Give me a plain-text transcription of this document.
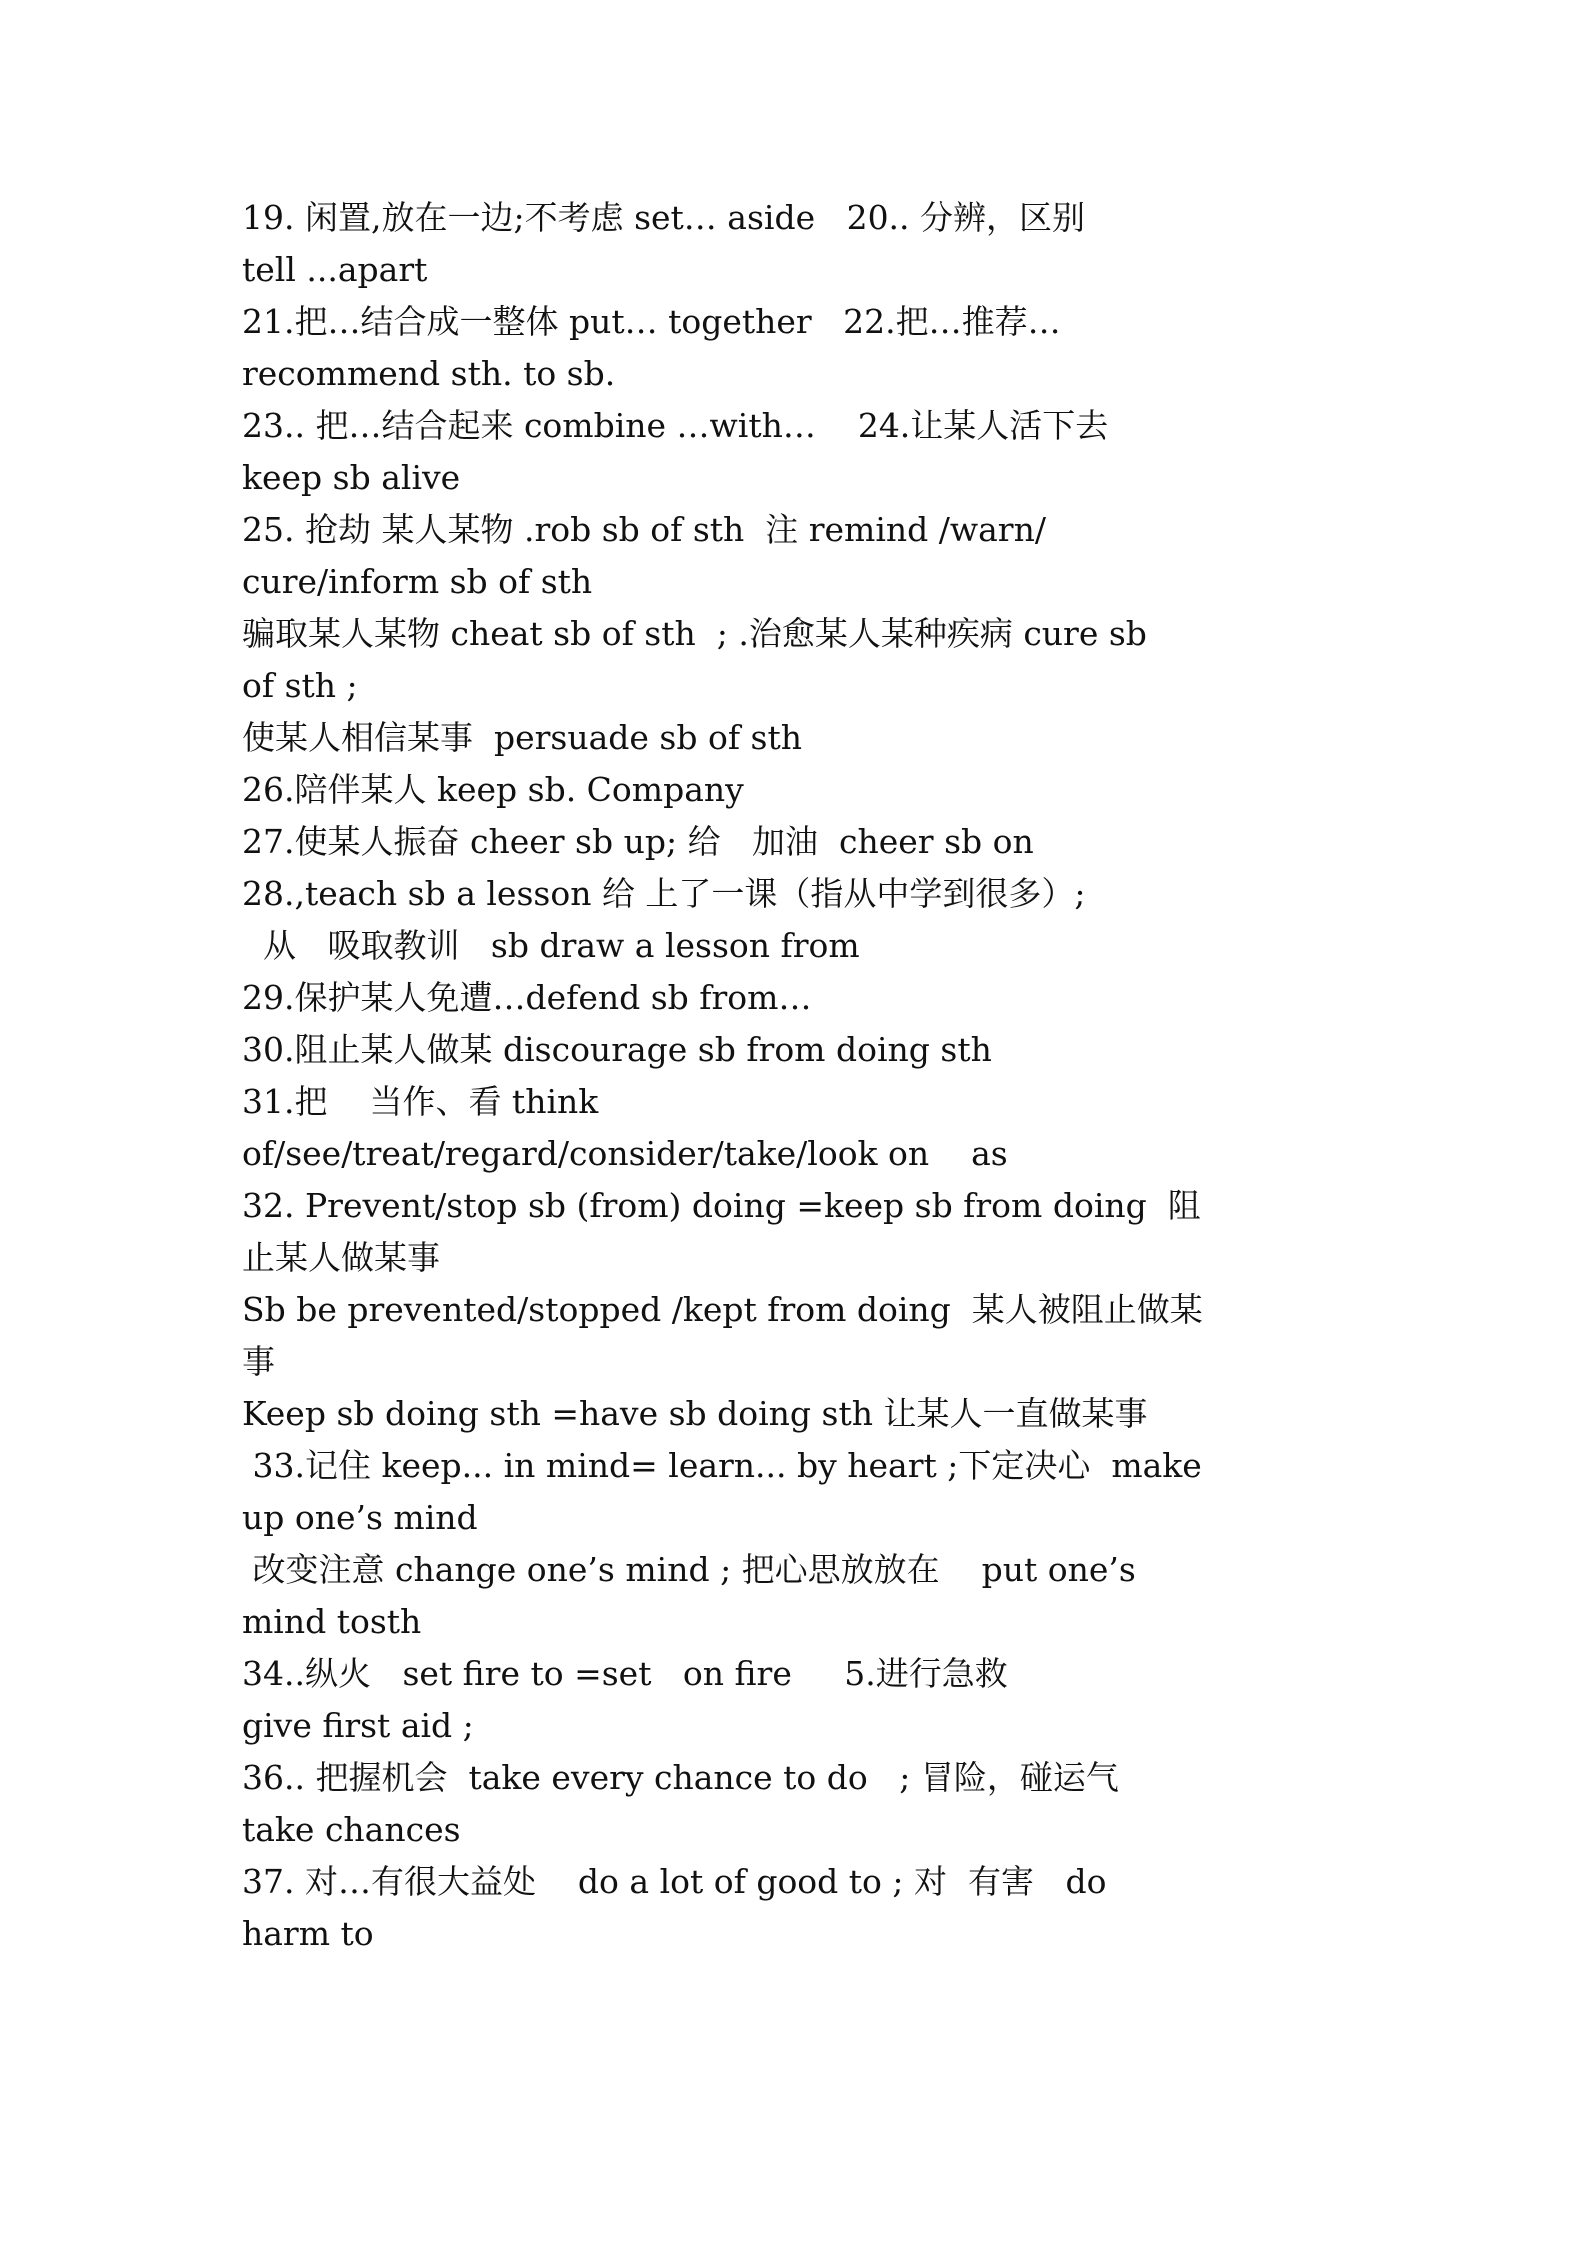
19. 闲置,放在一边;不考虑 set… aside   20.. 分辨，区别
tell ...apart
21.把…结合成一整体 put… together   22.把…推荐…
recommend sth. to sb.
23.. 把…结合起来 combine …with…    24.让某人活下去
keep sb alive
25. 抢劫 某人某物 .rob sb of sth  注 remind /warn/
cure/inform sb of sth
骗取某人某物 cheat sb of sth  ; .治愈某人某种疾病 cure sb
of sth ;
使某人相信某事  persuade sb of sth
26.陪伴某人 keep sb. Company
27.使某人振奋 cheer sb up; 给   加油  cheer sb on
28.,teach sb a lesson 给 上了一课（指从中学到很多）;
从   吸取教训   sb draw a lesson from
29.保护某人免遭…defend sb from…
30.阻止某人做某 discourage sb from doing sth
31.把    当作、看 think
of/see/treat/regard/consider/take/look on    as
32. Prevent/stop sb (from) doing =keep sb from doing  阻
止某人做某事
Sb be prevented/stopped /kept from doing  某人被阻止做某
事
Keep sb doing sth =have sb doing sth 让某人一直做某事
33.记住 keep... in mind= learn... by heart ;下定决心  make
up one’s mind
改变注意 change one’s mind ; 把心思放放在    put one’s
mind tosth
34..纵火   set fire to =set   on fire     5.进行急救
give first aid ;
36.. 把握机会  take every chance to do   ; 冒险，碰运气
take chances
37. 对…有很大益处    do a lot of good to ; 对  有害   do
harm to
